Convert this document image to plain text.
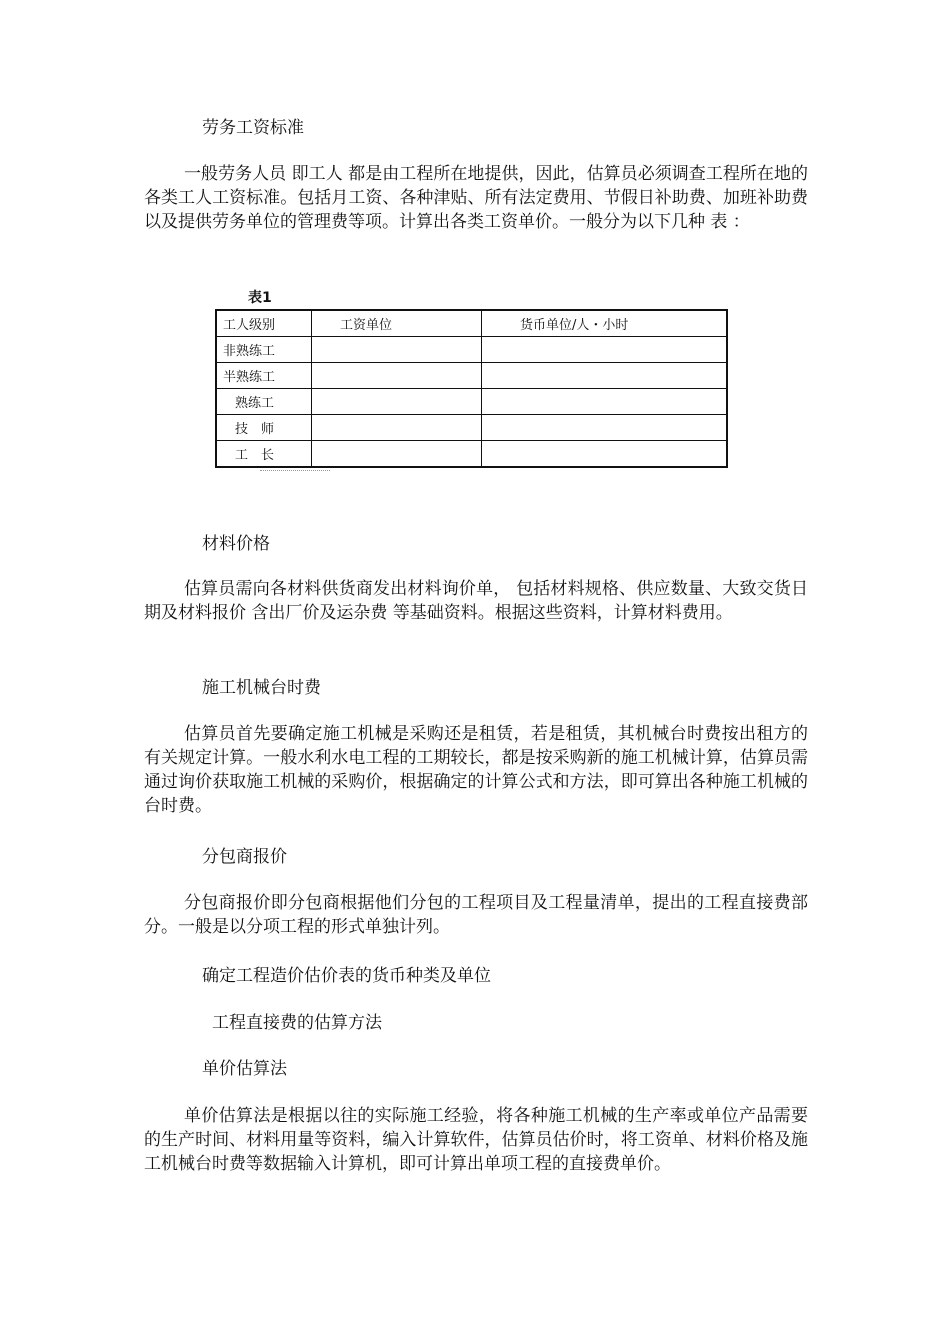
劳务工资标准
一般劳务人员 即工人 都是由工程所在地提供，因此，估算员必须调查工程所在地的各类工人工资标准。包括月工资、各种津贴、所有法定费用、节假日补助费、加班补助费以及提供劳务单位的管理费等项。计算出各类工资单价。一般分为以下几种 表 ：
表1
工人级别	工资单位	货币单位/人・小时
非熟练工		
半熟练工		
熟练工		
技　师		
工　长		
材料价格
估算员需向各材料供货商发出材料询价单， 包括材料规格、供应数量、大致交货日期及材料报价 含出厂价及运杂费 等基础资料。根据这些资料，计算材料费用。
施工机械台时费
估算员首先要确定施工机械是采购还是租赁，若是租赁，其机械台时费按出租方的有关规定计算。一般水利水电工程的工期较长，都是按采购新的施工机械计算，估算员需通过询价获取施工机械的采购价，根据确定的计算公式和方法，即可算出各种施工机械的台时费。
分包商报价
分包商报价即分包商根据他们分包的工程项目及工程量清单，提出的工程直接费部分。一般是以分项工程的形式单独计列。
确定工程造价估价表的货币种类及单位
工程直接费的估算方法
单价估算法
单价估算法是根据以往的实际施工经验，将各种施工机械的生产率或单位产品需要的生产时间、材料用量等资料，编入计算软件，估算员估价时，将工资单、材料价格及施工机械台时费等数据输入计算机，即可计算出单项工程的直接费单价。
